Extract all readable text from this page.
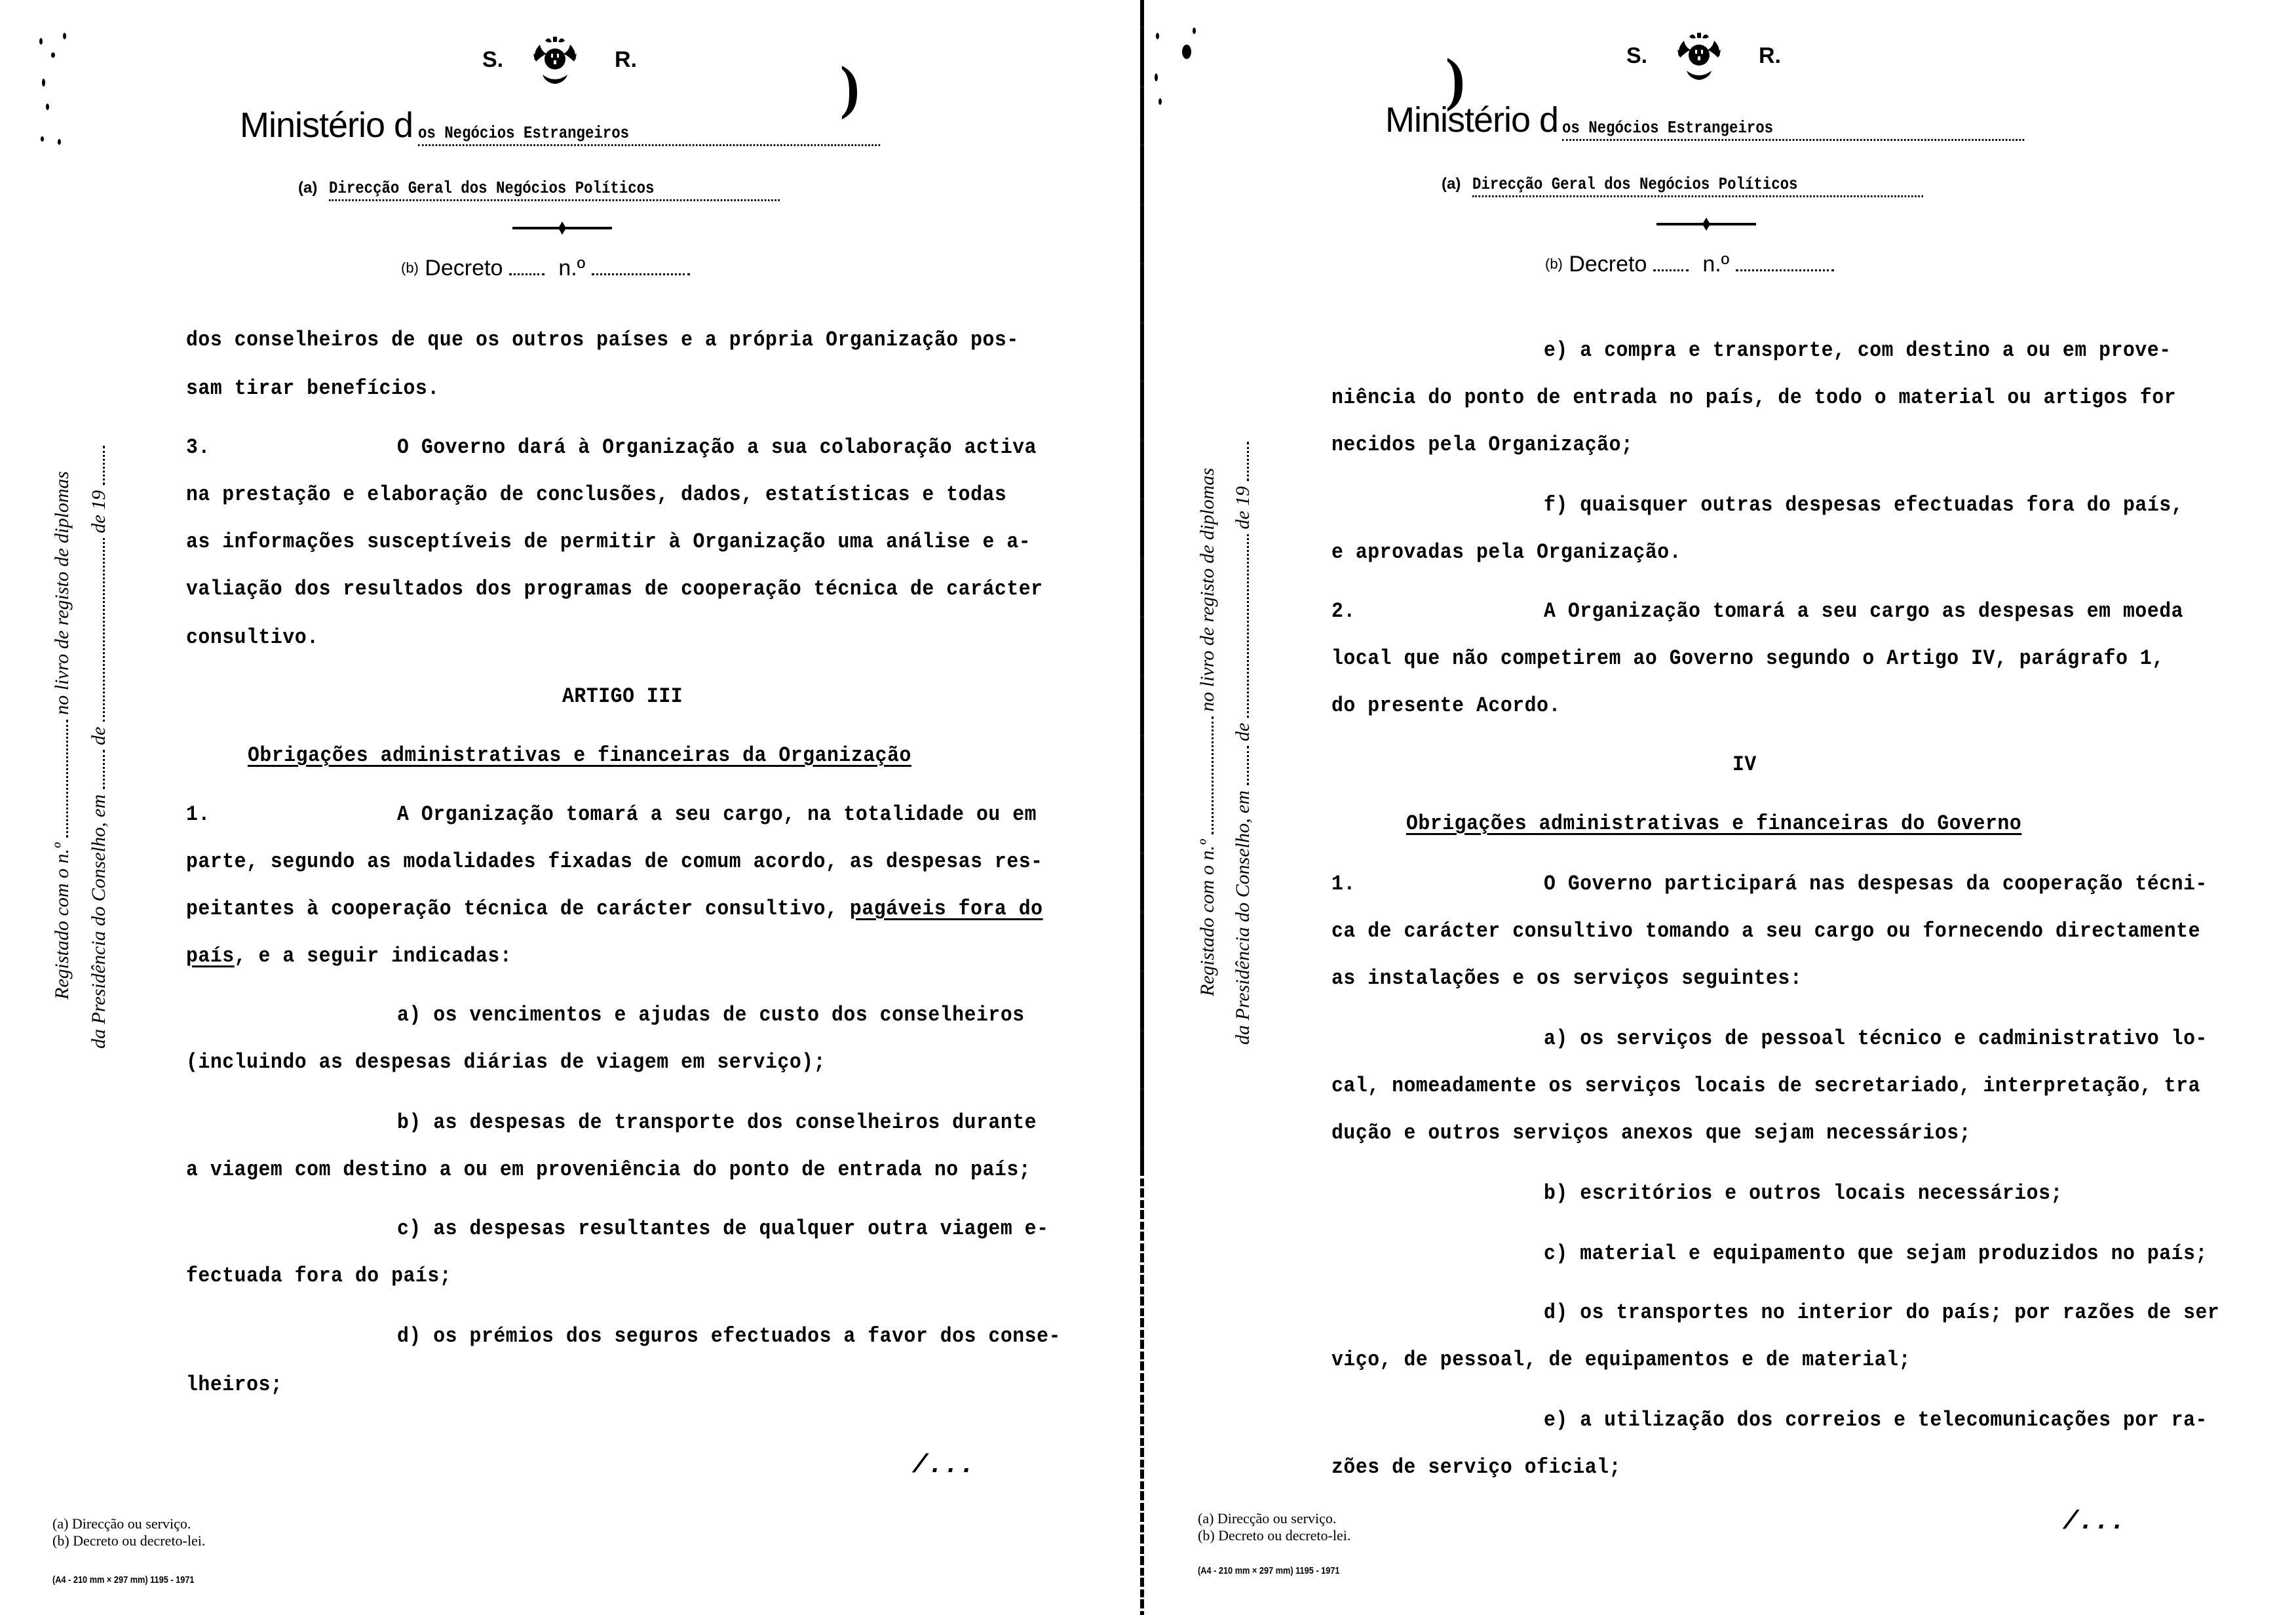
S.	R.	)
Ministério d os Negócios Estrangeiros
(a) Direcção Geral dos Negócios Políticos
(b) Decreto n.º
Registado com o n.º  no livro de registo de diplomas
da Presidência do Conselho, em  de  de 19
dos conselheiros de que os outros países e a própria Organização pos-
sam tirar benefícios.
3.	O Governo dará à Organização a sua colaboração activa
na prestação e elaboração de conclusões, dados, estatísticas e todas
as informações susceptíveis de permitir à Organização uma análise e a-
valiação dos resultados dos programas de cooperação técnica de carácter
consultivo.
ARTIGO III
Obrigações administrativas e financeiras da Organização
1.	A Organização tomará a seu cargo, na totalidade ou em
parte, segundo as modalidades fixadas de comum acordo, as despesas res-
peitantes à cooperação técnica de carácter consultivo, pagáveis fora do
país, e a seguir indicadas:
a) os vencimentos e ajudas de custo dos conselheiros
(incluindo as despesas diárias de viagem em serviço);
b) as despesas de transporte dos conselheiros durante
a viagem com destino a ou em proveniência do ponto de entrada no país;
c) as despesas resultantes de qualquer outra viagem e-
fectuada fora do país;
d) os prémios dos seguros efectuados a favor dos conse-
lheiros;
/...
(a) Direcção ou serviço.
(b) Decreto ou decreto-lei.
(A4 - 210 mm × 297 mm) 1195 - 1971
S.	R.
)
Ministério d os Negócios Estrangeiros
(a) Direcção Geral dos Negócios Políticos
(b) Decreto n.º
Registado com o n.º  no livro de registo de diplomas
da Presidência do Conselho, em  de  de 19
e) a compra e transporte, com destino a ou em prove-
niência do ponto de entrada no país, de todo o material ou artigos for
necidos pela Organização;
f) quaisquer outras despesas efectuadas fora do país,
e aprovadas pela Organização.
2.	A Organização tomará a seu cargo as despesas em moeda
local que não competirem ao Governo segundo o Artigo IV, parágrafo 1,
do presente Acordo.
IV
Obrigações administrativas e financeiras do Governo
1.	O Governo participará nas despesas da cooperação técni-
ca de carácter consultivo tomando a seu cargo ou fornecendo directamente
as instalações e os serviços seguintes:
a) os serviços de pessoal técnico e cadministrativo lo-
cal, nomeadamente os serviços locais de secretariado, interpretação, tra
dução e outros serviços anexos que sejam necessários;
b) escritórios e outros locais necessários;
c) material e equipamento que sejam produzidos no país;
d) os transportes no interior do país; por razões de ser
viço, de pessoal, de equipamentos e de material;
e) a utilização dos correios e telecomunicações por ra-
zões de serviço oficial;
/...
(a) Direcção ou serviço.
(b) Decreto ou decreto-lei.
(A4 - 210 mm × 297 mm) 1195 - 1971
